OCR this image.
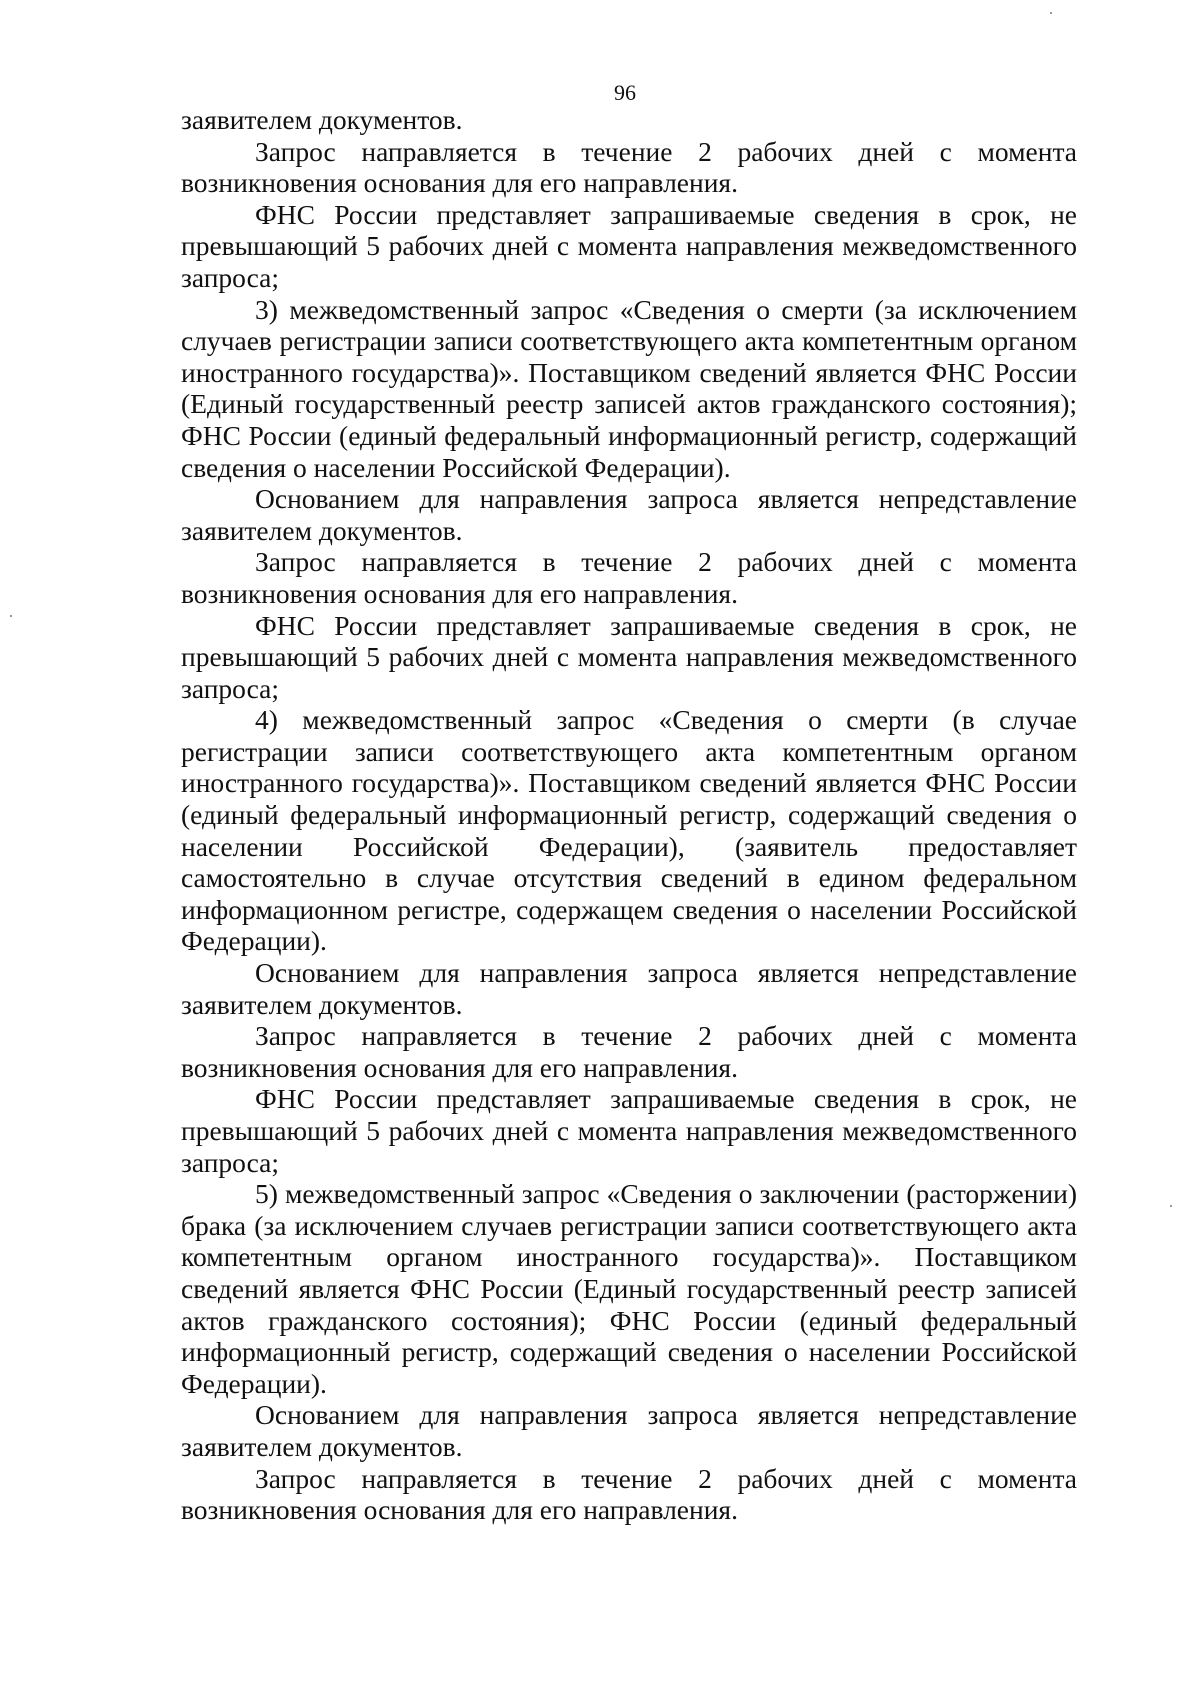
96

заявителем документов.

Запрос направляется в течение 2 рабочих дней с момента возникновения основания для его направления.

ФНС России представляет запрашиваемые сведения в срок, не превышающий 5 рабочих дней с момента направления межведомственного запроса;

3) межведомственный запрос «Сведения о смерти (за исключением случаев регистрации записи соответствующего акта компетентным органом иностранного государства)». Поставщиком сведений является ФНС России (Единый государственный реестр записей актов гражданского состояния); ФНС России (единый федеральный информационный регистр, содержащий сведения о населении Российской Федерации).

Основанием для направления запроса является непредставление заявителем документов.

Запрос направляется в течение 2 рабочих дней с момента возникновения основания для его направления.

ФНС России представляет запрашиваемые сведения в срок, не превышающий 5 рабочих дней с момента направления межведомственного запроса;

4) межведомственный запрос «Сведения о смерти (в случае регистрации записи соответствующего акта компетентным органом иностранного государства)». Поставщиком сведений является ФНС России (единый федеральный информационный регистр, содержащий сведения о населении Российской Федерации), (заявитель предоставляет самостоятельно в случае отсутствия сведений в едином федеральном информационном регистре, содержащем сведения о населении Российской Федерации).

Основанием для направления запроса является непредставление заявителем документов.

Запрос направляется в течение 2 рабочих дней с момента возникновения основания для его направления.

ФНС России представляет запрашиваемые сведения в срок, не превышающий 5 рабочих дней с момента направления межведомственного запроса;

5) межведомственный запрос «Сведения о заключении (расторжении) брака (за исключением случаев регистрации записи соответствующего акта компетентным органом иностранного государства)». Поставщиком сведений является ФНС России (Единый государственный реестр записей актов гражданского состояния); ФНС России (единый федеральный информационный регистр, содержащий сведения о населении Российской Федерации).

Основанием для направления запроса является непредставление заявителем документов.

Запрос направляется в течение 2 рабочих дней с момента возникновения основания для его направления.
